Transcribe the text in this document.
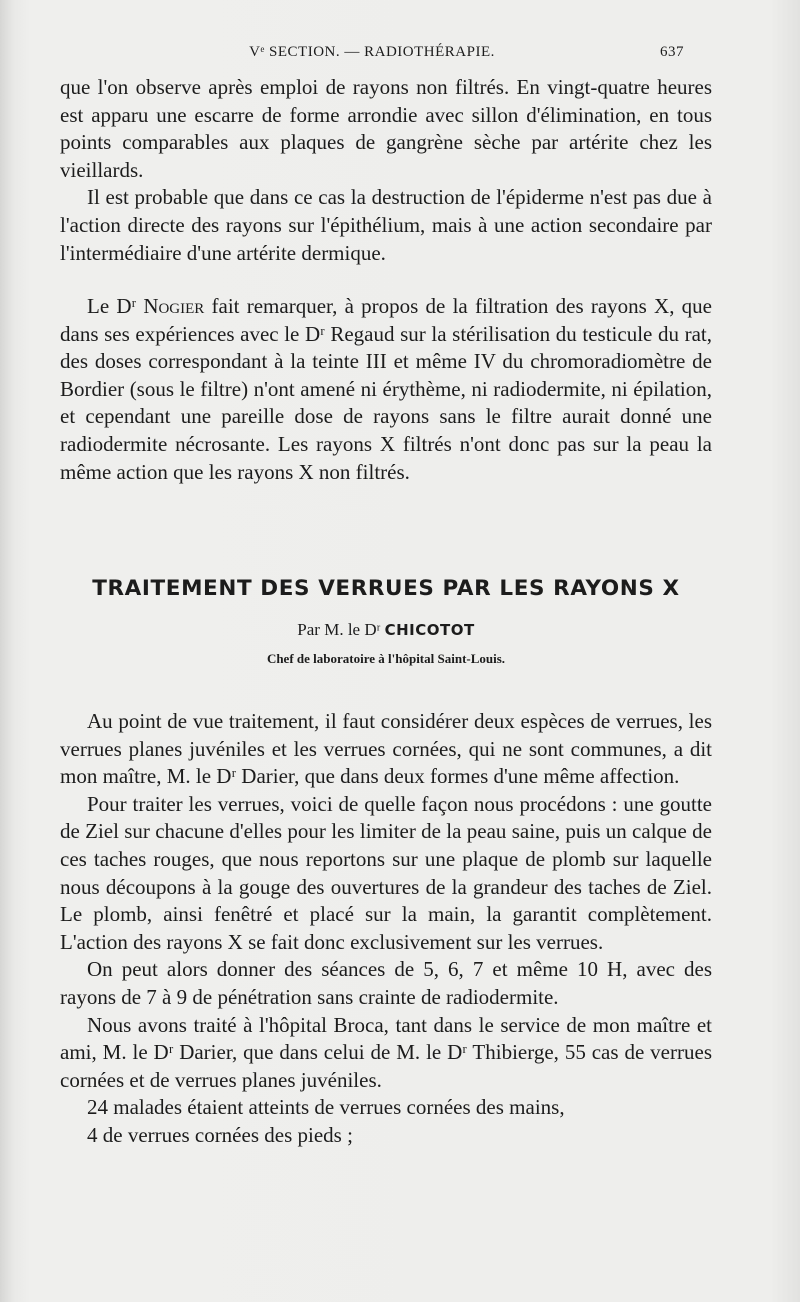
Vᵉ SECTION. — RADIOTHÉRAPIE.	637

que l'on observe après emploi de rayons non filtrés. En vingt-quatre heures est apparu une escarre de forme arrondie avec sillon d'élimination, en tous points comparables aux plaques de gangrène sèche par artérite chez les vieillards.

Il est probable que dans ce cas la destruction de l'épiderme n'est pas due à l'action directe des rayons sur l'épithélium, mais à une action secondaire par l'intermédiaire d'une artérite dermique.

Le Dʳ Nogier fait remarquer, à propos de la filtration des rayons X, que dans ses expériences avec le Dʳ Regaud sur la stérilisation du testicule du rat, des doses correspondant à la teinte III et même IV du chromoradiomètre de Bordier (sous le filtre) n'ont amené ni érythème, ni radiodermite, ni épilation, et cependant une pareille dose de rayons sans le filtre aurait donné une radiodermite nécrosante. Les rayons X filtrés n'ont donc pas sur la peau la même action que les rayons X non filtrés.

TRAITEMENT DES VERRUES PAR LES RAYONS X
Par M. le Dʳ CHICOTOT
Chef de laboratoire à l'hôpital Saint-Louis.

Au point de vue traitement, il faut considérer deux espèces de verrues, les verrues planes juvéniles et les verrues cornées, qui ne sont communes, a dit mon maître, M. le Dʳ Darier, que dans deux formes d'une même affection.

Pour traiter les verrues, voici de quelle façon nous procédons : une goutte de Ziel sur chacune d'elles pour les limiter de la peau saine, puis un calque de ces taches rouges, que nous reportons sur une plaque de plomb sur laquelle nous découpons à la gouge des ouvertures de la grandeur des taches de Ziel. Le plomb, ainsi fenêtré et placé sur la main, la garantit complètement. L'action des rayons X se fait donc exclusivement sur les verrues.

On peut alors donner des séances de 5, 6, 7 et même 10 H, avec des rayons de 7 à 9 de pénétration sans crainte de radiodermite.

Nous avons traité à l'hôpital Broca, tant dans le service de mon maître et ami, M. le Dʳ Darier, que dans celui de M. le Dʳ Thibierge, 55 cas de verrues cornées et de verrues planes juvéniles.

24 malades étaient atteints de verrues cornées des mains,

4 de verrues cornées des pieds ;
